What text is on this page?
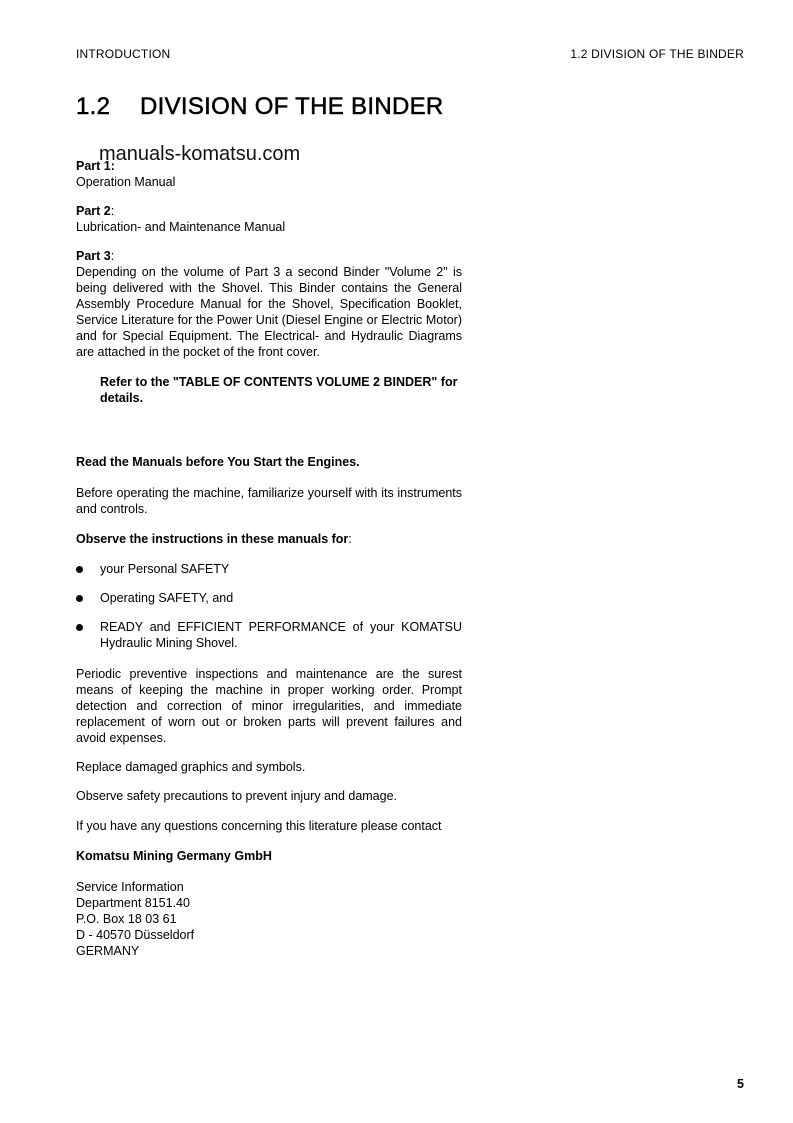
INTRODUCTION	1.2 DIVISION OF THE BINDER
1.2 DIVISION OF THE BINDER

Part 1:

Operation Manual

Part 2:

Lubrication- and Maintenance Manual

Part 3:

Depending on the volume of Part 3 a second Binder "Volume 2" is being delivered with the Shovel. This Binder contains the General Assembly Procedure Manual for the Shovel, Specification Booklet, Service Literature for the Power Unit (Diesel Engine or Electric Motor) and for Special Equipment. The Electrical- and Hydraulic Diagrams are attached in the pocket of the front cover.

Refer to the "TABLE OF CONTENTS VOLUME 2 BINDER" for details.

Read the Manuals before You Start the Engines.

Before operating the machine, familiarize yourself with its instruments and controls.

Observe the instructions in these manuals for:

your Personal SAFETY
Operating SAFETY, and
READY and EFFICIENT PERFORMANCE of your KOMATSU Hydraulic Mining Shovel.

Periodic preventive inspections and maintenance are the surest means of keeping the machine in proper working order. Prompt detection and correction of minor irregularities, and immediate replacement of worn out or broken parts will prevent failures and avoid expenses.

Replace damaged graphics and symbols.

Observe safety precautions to prevent injury and damage.

If you have any questions concerning this literature please contact

Komatsu Mining Germany GmbH

Service Information

Department 8151.40

P.O. Box 18 03 61

D - 40570 Düsseldorf

GERMANY

manuals-komatsu.com
5
